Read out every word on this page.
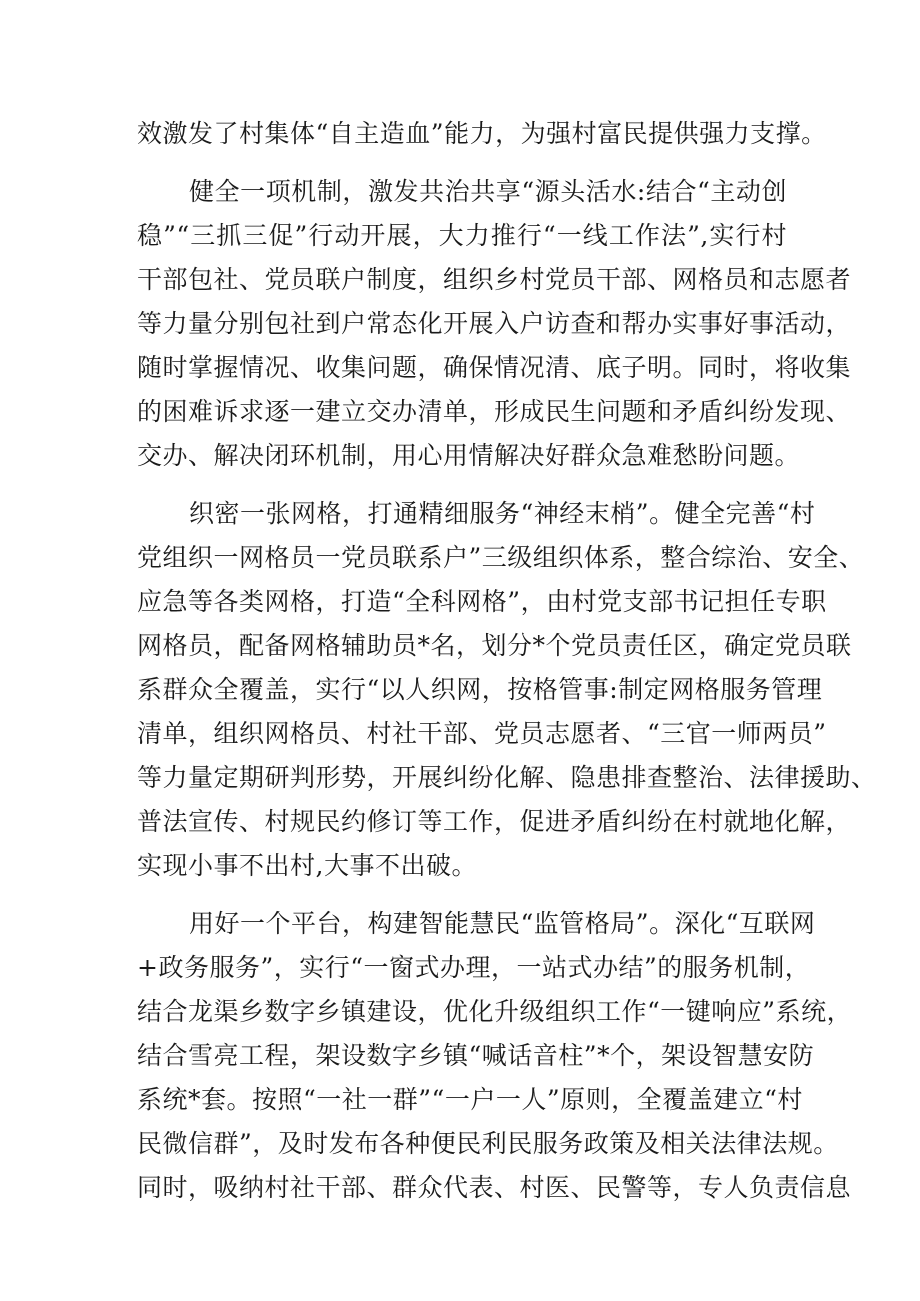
效激发了村集体“自主造血”能力，为强村富民提供强力支撑。
健全一项机制，激发共治共享“源头活水:结合“主动创
稳”“三抓三促”行动开展，大力推行“一线工作法”,实行村
干部包社、党员联户制度，组织乡村党员干部、网格员和志愿者
等力量分别包社到户常态化开展入户访查和帮办实事好事活动，
随时掌握情况、收集问题，确保情况清、底子明。同时，将收集
的困难诉求逐一建立交办清单，形成民生问题和矛盾纠纷发现、
交办、解决闭环机制，用心用情解决好群众急难愁盼问题。
织密一张网格，打通精细服务“神经末梢”。健全完善“村
党组织一网格员一党员联系户”三级组织体系，整合综治、安全、
应急等各类网格，打造“全科网格”，由村党支部书记担任专职
网格员，配备网格辅助员*名，划分*个党员责任区，确定党员联
系群众全覆盖，实行“以人织网，按格管事:制定网格服务管理
清单，组织网格员、村社干部、党员志愿者、“三官一师两员”
等力量定期研判形势，开展纠纷化解、隐患排查整治、法律援助、
普法宣传、村规民约修订等工作，促进矛盾纠纷在村就地化解，
实现小事不出村,大事不出破。
用好一个平台，构建智能慧民“监管格局”。深化“互联网
+政务服务”，实行“一窗式办理，一站式办结”的服务机制，
结合龙渠乡数字乡镇建设，优化升级组织工作“一键响应”系统，
结合雪亮工程，架设数字乡镇“喊话音柱”*个，架设智慧安防
系统*套。按照“一社一群”“一户一人”原则，全覆盖建立“村
民微信群”，及时发布各种便民利民服务政策及相关法律法规。
同时，吸纳村社干部、群众代表、村医、民警等，专人负责信息
